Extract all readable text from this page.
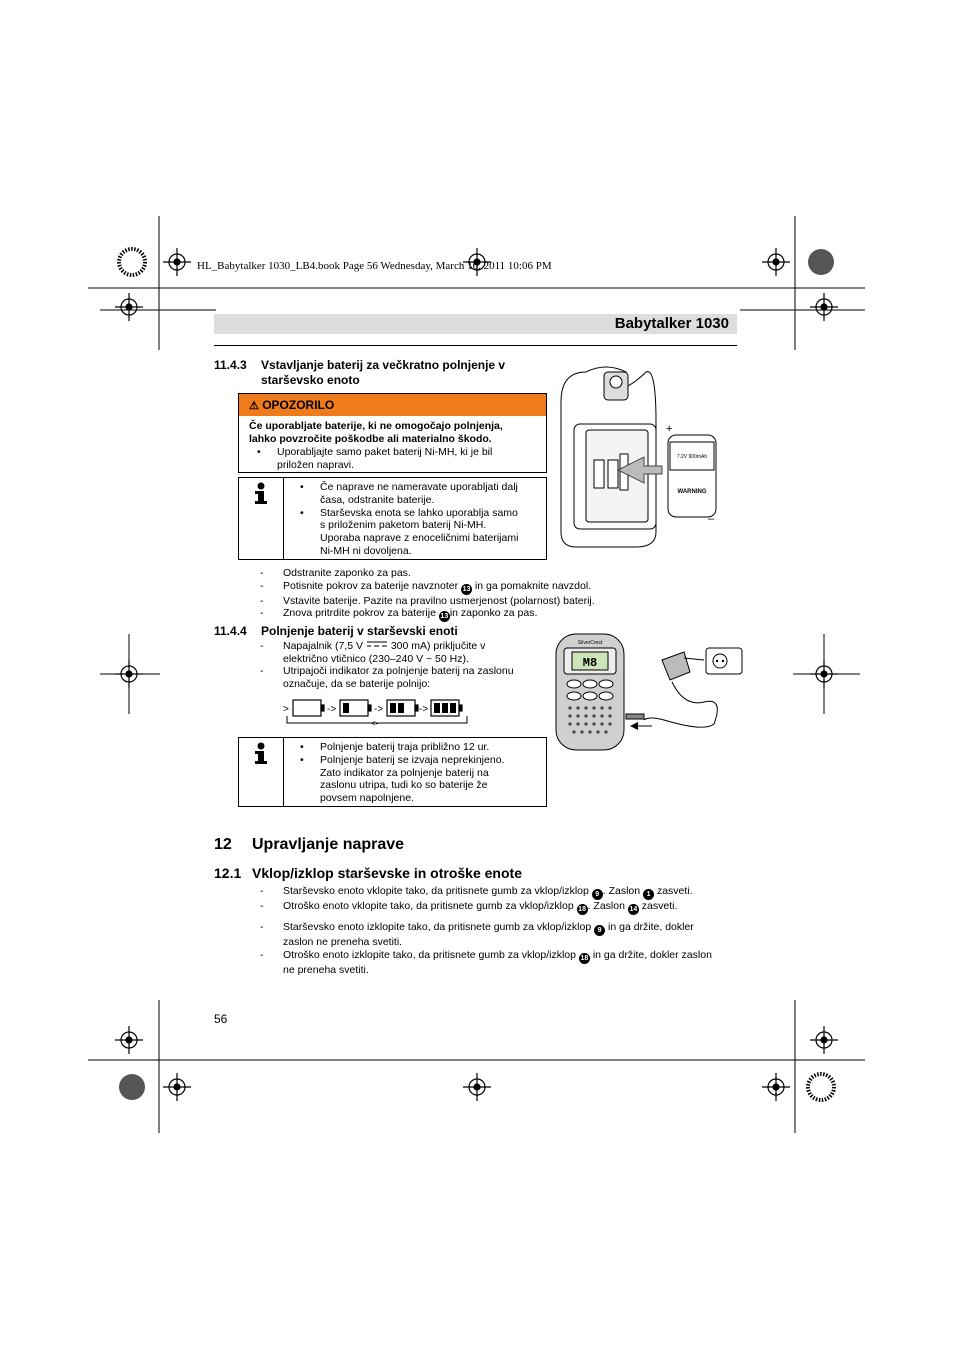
HL_Babytalker 1030_LB4.book Page 56 Wednesday, March 16, 2011 10:06 PM
Babytalker 1030
11.4.3 Vstavljanje baterij za večkratno polnjenje v
starševsko enoto
⚠ OPOZORILO
Če uporabljate baterije, ki ne omogočajo polnjenja,
lahko povzročite poškodbe ali materialno škodo.
• Uporabljajte samo paket baterij Ni-MH, ki je bil
priložen napravi.
• Če naprave ne nameravate uporabljati dalj
časa, odstranite baterije.
• Starševska enota se lahko uporablja samo
s priloženim paketom baterij Ni-MH.
Uporaba naprave z enoceličnimi baterijami
Ni-MH ni dovoljena.
7.2V 900mAh
WARNING
+
–
- Odstranite zaponko za pas.
- Potisnite pokrov za baterije navznoter 13 in ga pomaknite navzdol.
- Vstavite baterije. Pazite na pravilno usmerjenost (polarnost) baterij.
- Znova pritrdite pokrov za baterije 13 in zaponko za pas.
11.4.4	Polnjenje baterij v starševski enoti
- Napajalnik (7,5 V	300 mA) priključite v
električno vtičnico (230–240 V ~ 50 Hz).
- Utripajoči indikator za polnjenje baterij na zaslonu
označuje, da se baterije polnijo:
>	->	->	->
<-
• Polnjenje baterij traja približno 12 ur.
• Polnjenje baterij se izvaja neprekinjeno.
Zato indikator za polnjenje baterij na
zaslonu utripa, tudi ko so baterije že
povsem napolnjene.
SilverCrest
M8
12 Upravljanje naprave
12.1 Vklop/izklop starševske in otroške enote
- Starševsko enoto vklopite tako, da pritisnete gumb za vklop/izklop 9 . Zaslon 1 zasveti.
- Otroško enoto vklopite tako, da pritisnete gumb za vklop/izklop 18 . Zaslon 14 zasveti.
- Starševsko enoto izklopite tako, da pritisnete gumb za vklop/izklop 9 in ga držite, dokler
zaslon ne preneha svetiti.
- Otroško enoto izklopite tako, da pritisnete gumb za vklop/izklop 18 in ga držite, dokler zaslon
ne preneha svetiti.
56
